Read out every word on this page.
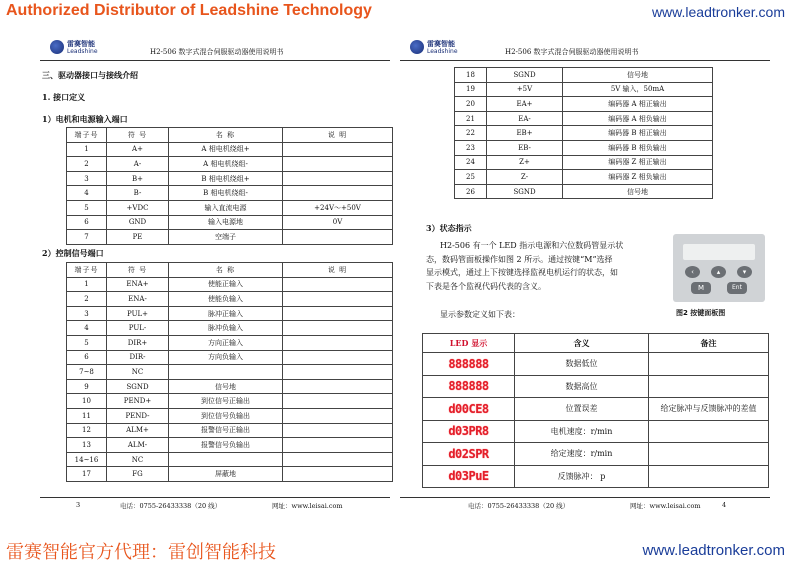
Authorized Distributor of Leadshine Technology	www.leadtronker.com
雷赛智能官方代理：雷创智能科技	www.leadtronker.com
雷赛智能
Leadshine	H2-506 数字式混合伺服驱动器使用说明书
三、驱动器接口与接线介绍
1. 接口定义
1）电机和电源输入端口
端子号	符 号	名 称	说 明
1	A+	A 相电机绕组+	
2	A-	A 相电机绕组-	
3	B+	B 相电机绕组+	
4	B-	B 相电机绕组-	
5	+VDC	输入直流电源	+24V～+50V
6	GND	输入电源地	0V
7	PE	空端子	
2）控制信号端口
端子号	符 号	名 称	说 明
1	ENA+	使能正输入	
2	ENA-	使能负输入	
3	PUL+	脉冲正输入	
4	PUL-	脉冲负输入	
5	DIR+	方向正输入	
6	DIR-	方向负输入	
7~8	NC		
9	SGND	信号地	
10	PEND+	到位信号正输出	
11	PEND-	到位信号负输出	
12	ALM+	报警信号正输出	
13	ALM-	报警信号负输出	
14~16	NC		
17	FG	屏蔽地	
3	电话：0755-26433338（20 线）	网址：www.leisai.com
雷赛智能
Leadshine	H2-506 数字式混合伺服驱动器使用说明书
18	SGND	信号地
19	+5V	5V 输入，50mA
20	EA+	编码器 A 相正输出
21	EA-	编码器 A 相负输出
22	EB+	编码器 B 相正输出
23	EB-	编码器 B 相负输出
24	Z+	编码器 Z 相正输出
25	Z-	编码器 Z 相负输出
26	SGND	信号地
3）状态指示
H2-506 有一个 LED 指示电源和六位数码管显示状
态，数码管面板操作如图 2 所示。通过按键“M”选择
显示模式，通过上下按键选择监视电机运行的状态，如
下表是各个监视代码代表的含义。
显示参数定义如下表：
‹	▴	▾
M	Ent
图2 按键面板图
LED 显示	含义	备注
888888	数据低位	
888888	数据高位	
d00CE8	位置误差	给定脉冲与反馈脉冲的差值
d03PR8	电机速度：r/min	
d02SPR	给定速度：r/min	
d03PuE	反馈脉冲： p	
电话：0755-26433338（20 线）	网址：www.leisai.com	4
